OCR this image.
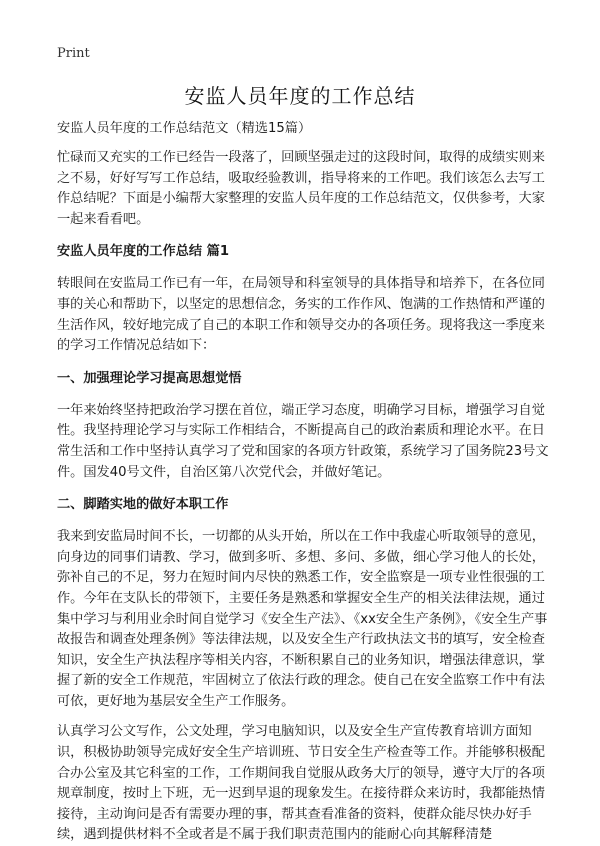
Print
安监人员年度的工作总结
安监人员年度的工作总结范文（精选15篇）
忙碌而又充实的工作已经告一段落了，回顾坚强走过的这段时间，取得的成绩实则来之不易，好好写写工作总结，吸取经验教训，指导将来的工作吧。我们该怎么去写工作总结呢？下面是小编帮大家整理的安监人员年度的工作总结范文，仅供参考，大家一起来看看吧。
安监人员年度的工作总结 篇1
转眼间在安监局工作已有一年，在局领导和科室领导的具体指导和培养下，在各位同事的关心和帮助下，以坚定的思想信念，务实的工作作风、饱满的工作热情和严谨的生活作风，较好地完成了自己的本职工作和领导交办的各项任务。现将我这一季度来的学习工作情况总结如下：
一、加强理论学习提高思想觉悟
一年来始终坚持把政治学习摆在首位，端正学习态度，明确学习目标，增强学习自觉性。我坚持理论学习与实际工作相结合，不断提高自己的政治素质和理论水平。在日常生活和工作中坚持认真学习了党和国家的各项方针政策，系统学习了国务院23号文件。国发40号文件，自治区第八次党代会，并做好笔记。
二、脚踏实地的做好本职工作
我来到安监局时间不长，一切都的从头开始，所以在工作中我虚心听取领导的意见，向身边的同事们请教、学习，做到多听、多想、多问、多做，细心学习他人的长处，弥补自己的不足，努力在短时间内尽快的熟悉工作，安全监察是一项专业性很强的工作。今年在支队长的带领下，主要任务是熟悉和掌握安全生产的相关法律法规，通过集中学习与利用业余时间自觉学习《安全生产法》、《xx安全生产条例》，《安全生产事故报告和调查处理条例》等法律法规，以及安全生产行政执法文书的填写，安全检查知识，安全生产执法程序等相关内容，不断积累自己的业务知识，增强法律意识，掌握了新的安全工作规范，牢固树立了依法行政的理念。使自己在安全监察工作中有法可依，更好地为基层安全生产工作服务。
认真学习公文写作，公文处理，学习电脑知识，以及安全生产宣传教育培训方面知识，积极协助领导完成好安全生产培训班、节日安全生产检查等工作。并能够积极配合办公室及其它科室的工作，工作期间我自觉服从政务大厅的领导，遵守大厅的各项规章制度，按时上下班，无一迟到早退的现象发生。在接待群众来访时，我都能热情接待，主动询问是否有需要办理的事，帮其查看准备的资料，使群众能尽快办好手续，遇到提供材料不全或者是不属于我们职责范围内的能耐心向其解释清楚
